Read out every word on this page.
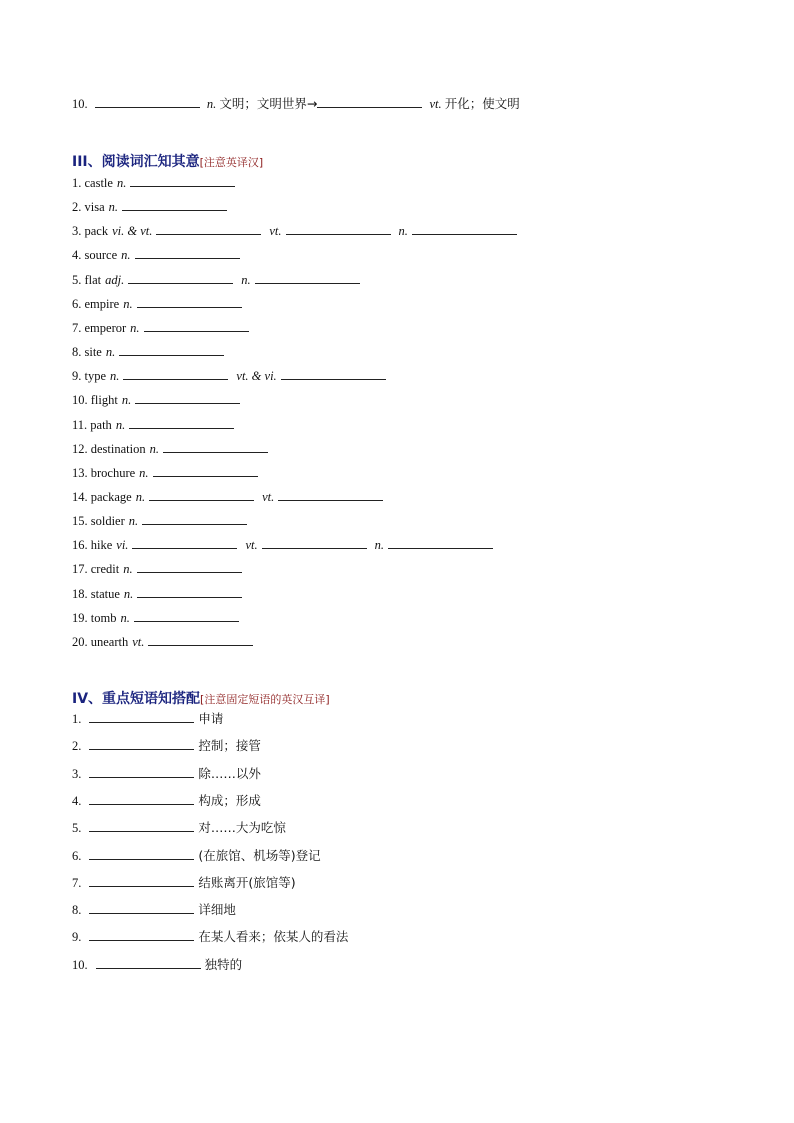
10.	n. 文明；文明世界→	vt. 开化；使文明
III、阅读词汇知其意[注意英译汉]
1. castle n.
2. visa n.
3. pack vi. & vt.	vt.	n.
4. source n.
5. flat adj.	n.
6. empire n.
7. emperor n.
8. site n.
9. type n.	vt. & vi.
10. flight n.
11. path n.
12. destination n.
13. brochure n.
14. package n.	vt.
15. soldier n.
16. hike vi.	vt.	n.
17. credit n.
18. statue n.
19. tomb n.
20. unearth vt.
IV、重点短语知搭配[注意固定短语的英汉互译]
1.	申请
2.	控制；接管
3.	除……以外
4.	构成；形成
5.	对……大为吃惊
6.	(在旅馆、机场等)登记
7.	结账离开(旅馆等)
8.	详细地
9.	在某人看来；依某人的看法
10.	独特的
